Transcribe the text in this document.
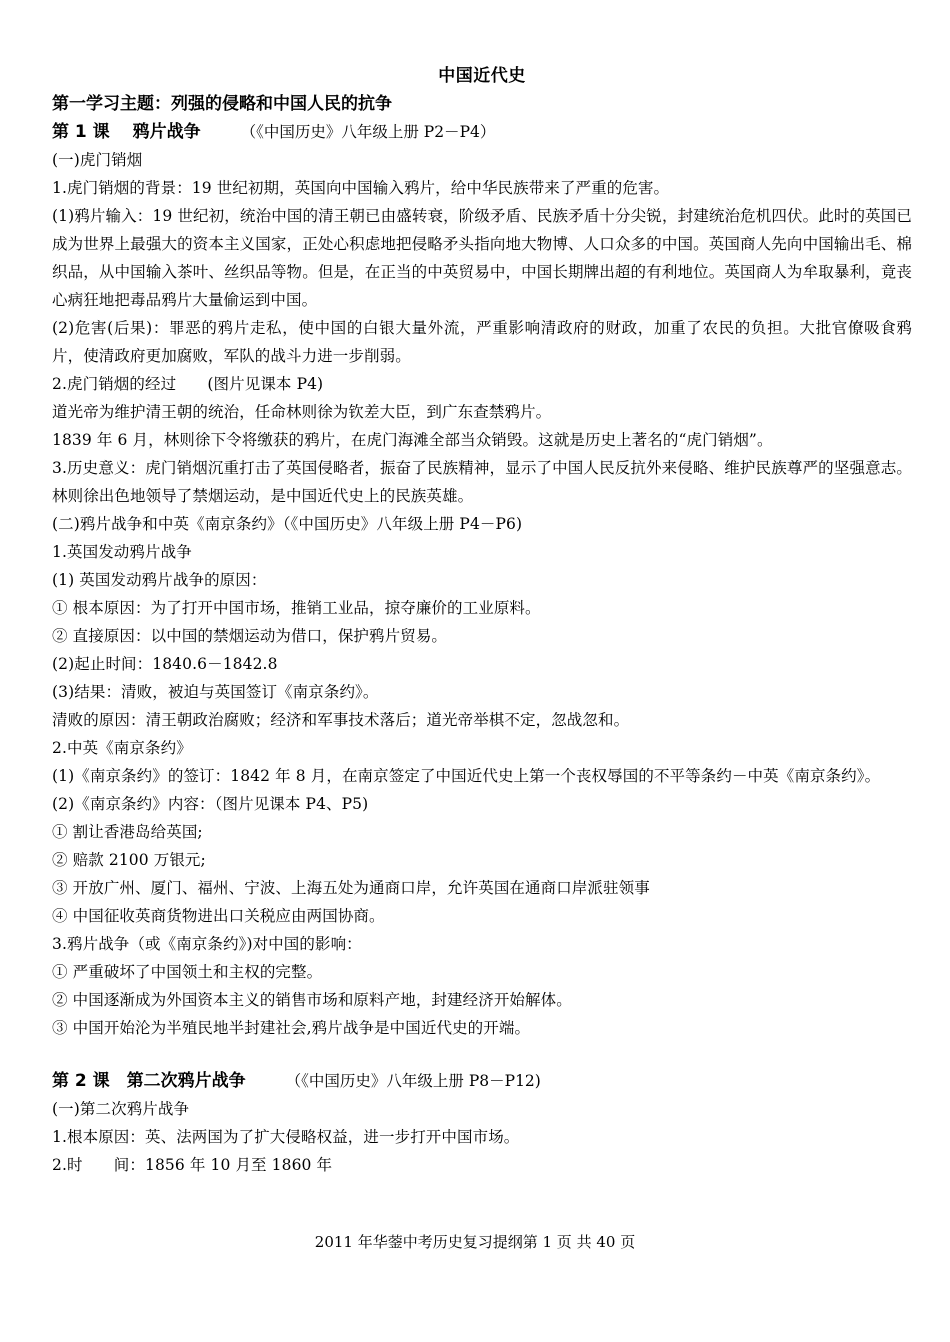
中国近代史
第一学习主题：列强的侵略和中国人民的抗争
第 1 课　 鸦片战争	（《中国历史》八年级上册 P2－P4）
(一)虎门销烟
1.虎门销烟的背景：19 世纪初期，英国向中国输入鸦片，给中华民族带来了严重的危害。
(1)鸦片输入：19 世纪初，统治中国的清王朝已由盛转衰，阶级矛盾、民族矛盾十分尖锐，封建统治危机四伏。此时的英国已成为世界上最强大的资本主义国家，正处心积虑地把侵略矛头指向地大物博、人口众多的中国。英国商人先向中国输出毛、棉织品，从中国输入茶叶、丝织品等物。但是，在正当的中英贸易中，中国长期牌出超的有利地位。英国商人为牟取暴利，竟丧心病狂地把毒品鸦片大量偷运到中国。
(2)危害(后果)：罪恶的鸦片走私，使中国的白银大量外流，严重影响清政府的财政，加重了农民的负担。大批官僚吸食鸦片，使清政府更加腐败，军队的战斗力进一步削弱。
2.虎门销烟的经过　　(图片见课本 P4)
道光帝为维护清王朝的统治，任命林则徐为钦差大臣，到广东查禁鸦片。
1839 年 6 月，林则徐下令将缴获的鸦片，在虎门海滩全部当众销毁。这就是历史上著名的“虎门销烟”。
3.历史意义：虎门销烟沉重打击了英国侵略者，振奋了民族精神，显示了中国人民反抗外来侵略、维护民族尊严的坚强意志。林则徐出色地领导了禁烟运动，是中国近代史上的民族英雄。
(二)鸦片战争和中英《南京条约》（《中国历史》八年级上册 P4－P6)
1.英国发动鸦片战争
(1) 英国发动鸦片战争的原因：
① 根本原因：为了打开中国市场，推销工业品，掠夺廉价的工业原料。
② 直接原因：以中国的禁烟运动为借口，保护鸦片贸易。
(2)起止时间：1840.6－1842.8
(3)结果：清败，被迫与英国签订《南京条约》。
清败的原因：清王朝政治腐败；经济和军事技术落后；道光帝举棋不定，忽战忽和。
2.中英《南京条约》
(1)《南京条约》的签订：1842 年 8 月，在南京签定了中国近代史上第一个丧权辱国的不平等条约－中英《南京条约》。
(2)《南京条约》内容：（图片见课本 P4、P5)
① 割让香港岛给英国;
② 赔款 2100 万银元;
③ 开放广州、厦门、福州、宁波、上海五处为通商口岸，允许英国在通商口岸派驻领事
④ 中国征收英商货物进出口关税应由两国协商。
3.鸦片战争（或《南京条约》)对中国的影响：
① 严重破坏了中国领土和主权的完整。
② 中国逐渐成为外国资本主义的销售市场和原料产地，封建经济开始解体。
③ 中国开始沦为半殖民地半封建社会,鸦片战争是中国近代史的开端。
第 2 课　第二次鸦片战争	（《中国历史》八年级上册 P8－P12)
(一)第二次鸦片战争
1.根本原因：英、法两国为了扩大侵略权益，进一步打开中国市场。
2.时　　间：1856 年 10 月至 1860 年
2011 年华蓥中考历史复习提纲第 1 页 共 40 页
